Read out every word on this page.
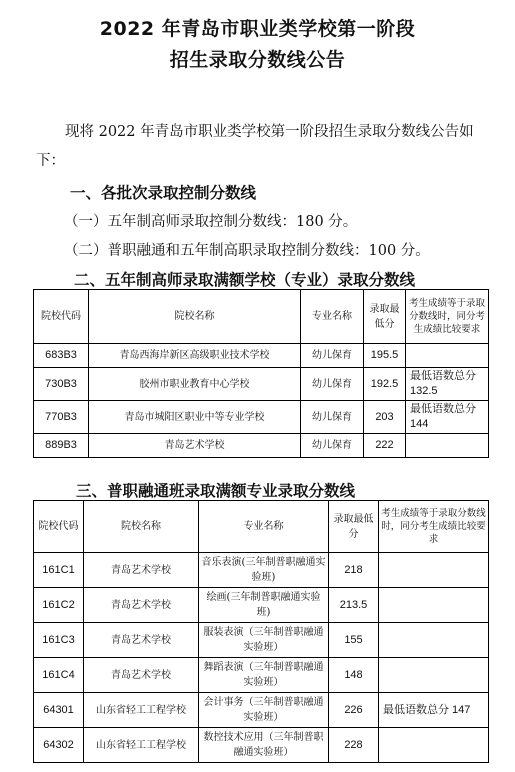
2022 年青岛市职业类学校第一阶段
招生录取分数线公告
现将 2022 年青岛市职业类学校第一阶段招生录取分数线公告如下：
一、各批次录取控制分数线
（一）五年制高师录取控制分数线：180 分。
（二）普职融通和五年制高职录取控制分数线：100 分。
二、五年制高师录取满额学校（专业）录取分数线
院校代码	院校名称	专业名称	录取最低分	考生成绩等于录取分数线时，同分考生成绩比较要求
683B3	青岛西海岸新区高级职业技术学校	幼儿保育	195.5	
730B3	胶州市职业教育中心学校	幼儿保育	192.5	最低语数总分 132.5
770B3	青岛市城阳区职业中等专业学校	幼儿保育	203	最低语数总分 144
889B3	青岛艺术学校	幼儿保育	222	
三、普职融通班录取满额专业录取分数线
院校代码	院校名称	专业名称	录取最低分	考生成绩等于录取分数线时，同分考生成绩比较要求
161C1	青岛艺术学校	音乐表演(三年制普职融通实验班)	218	
161C2	青岛艺术学校	绘画(三年制普职融通实验班)	213.5	
161C3	青岛艺术学校	服装表演（三年制普职融通实验班）	155	
161C4	青岛艺术学校	舞蹈表演（三年制普职融通实验班）	148	
64301	山东省轻工工程学校	会计事务（三年制普职融通实验班）	226	最低语数总分 147
64302	山东省轻工工程学校	数控技术应用（三年制普职融通实验班）	228	
